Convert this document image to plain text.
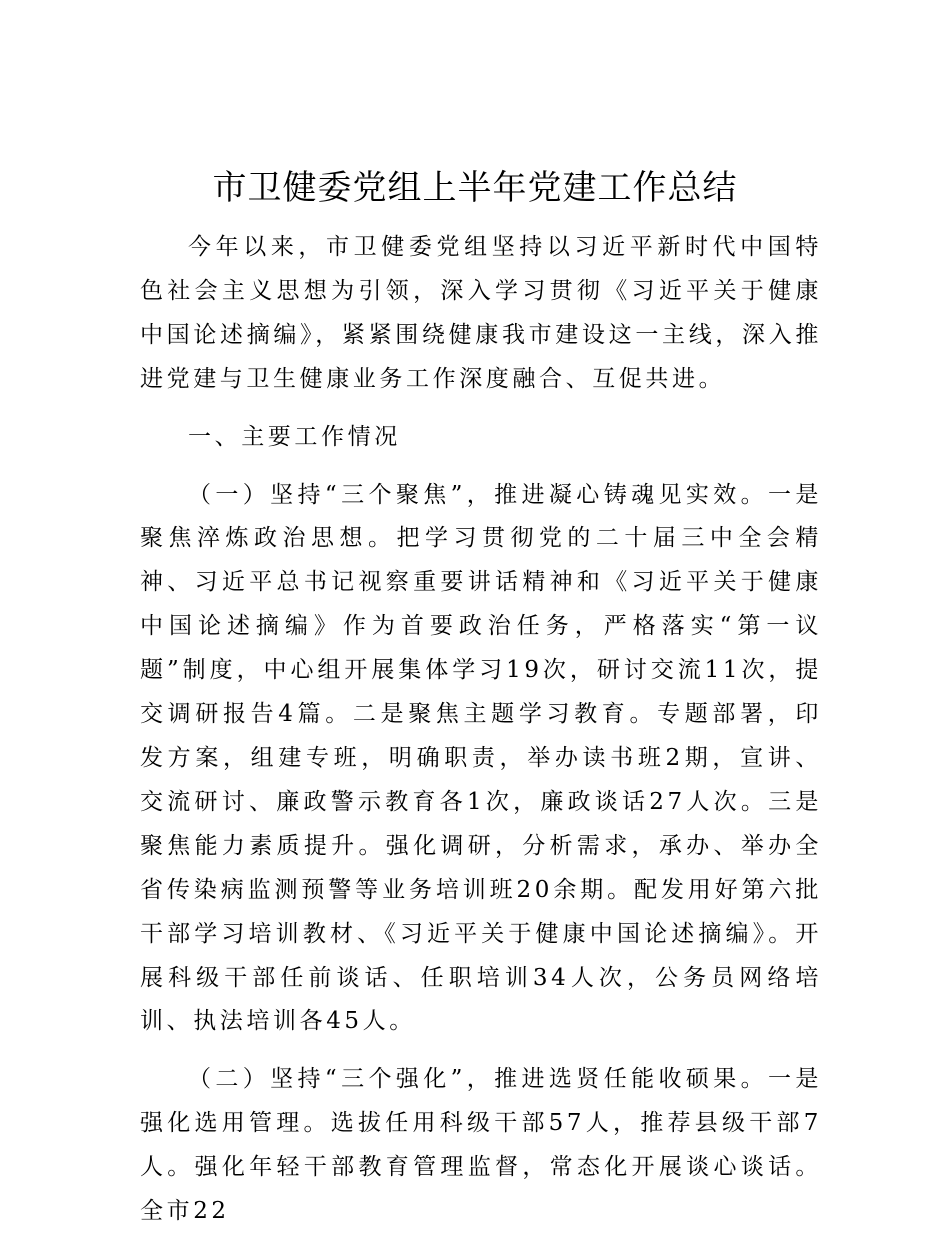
市卫健委党组上半年党建工作总结

今年以来，市卫健委党组坚持以习近平新时代中国特色社会主义思想为引领，深入学习贯彻《习近平关于健康中国论述摘编》，紧紧围绕健康我市建设这一主线，深入推进党建与卫生健康业务工作深度融合、互促共进。

一、主要工作情况

（一）坚持“三个聚焦”，推进凝心铸魂见实效。一是聚焦淬炼政治思想。把学习贯彻党的二十届三中全会精神、习近平总书记视察重要讲话精神和《习近平关于健康中国论述摘编》作为首要政治任务，严格落实“第一议题”制度，中心组开展集体学习19次，研讨交流11次，提交调研报告4篇。二是聚焦主题学习教育。专题部署，印发方案，组建专班，明确职责，举办读书班2期，宣讲、交流研讨、廉政警示教育各1次，廉政谈话27人次。三是聚焦能力素质提升。强化调研，分析需求，承办、举办全省传染病监测预警等业务培训班20余期。配发用好第六批干部学习培训教材、《习近平关于健康中国论述摘编》。开展科级干部任前谈话、任职培训34人次，公务员网络培训、执法培训各45人。

（二）坚持“三个强化”，推进选贤任能收硕果。一是强化选用管理。选拔任用科级干部57人，推荐县级干部7人。强化年轻干部教育管理监督，常态化开展谈心谈话。全市22
